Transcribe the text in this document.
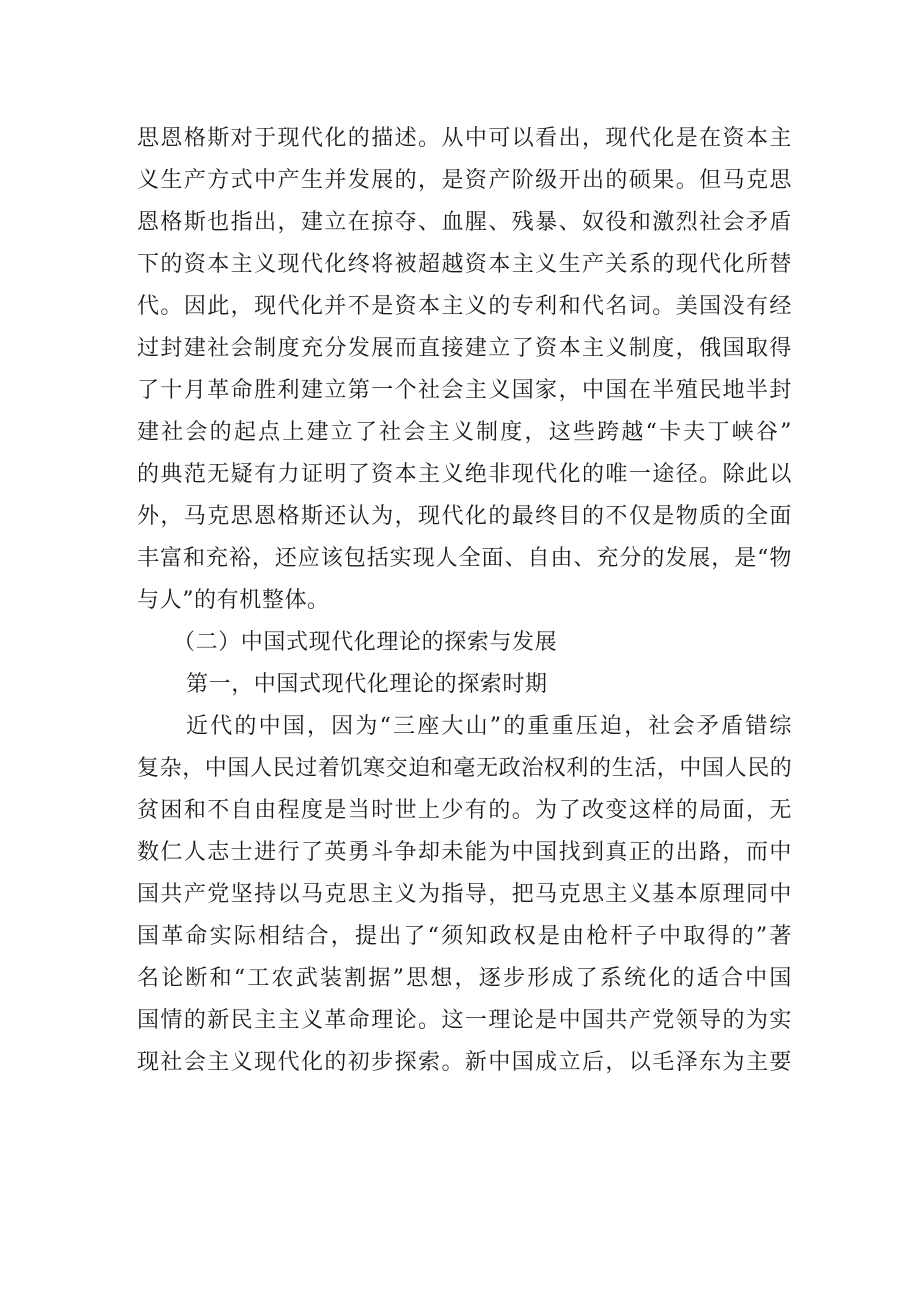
思恩格斯对于现代化的描述。从中可以看出，现代化是在资本主
义生产方式中产生并发展的，是资产阶级开出的硕果。但马克思
恩格斯也指出，建立在掠夺、血腥、残暴、奴役和激烈社会矛盾
下的资本主义现代化终将被超越资本主义生产关系的现代化所替
代。因此，现代化并不是资本主义的专利和代名词。美国没有经
过封建社会制度充分发展而直接建立了资本主义制度，俄国取得
了十月革命胜利建立第一个社会主义国家，中国在半殖民地半封
建社会的起点上建立了社会主义制度，这些跨越“卡夫丁峡谷”
的典范无疑有力证明了资本主义绝非现代化的唯一途径。除此以
外，马克思恩格斯还认为，现代化的最终目的不仅是物质的全面
丰富和充裕，还应该包括实现人全面、自由、充分的发展，是“物
与人”的有机整体。
（二）中国式现代化理论的探索与发展
第一，中国式现代化理论的探索时期
近代的中国，因为“三座大山”的重重压迫，社会矛盾错综
复杂，中国人民过着饥寒交迫和毫无政治权利的生活，中国人民的
贫困和不自由程度是当时世上少有的。为了改变这样的局面，无
数仁人志士进行了英勇斗争却未能为中国找到真正的出路，而中
国共产党坚持以马克思主义为指导，把马克思主义基本原理同中
国革命实际相结合，提出了“须知政权是由枪杆子中取得的”著
名论断和“工农武装割据”思想，逐步形成了系统化的适合中国
国情的新民主主义革命理论。这一理论是中国共产党领导的为实
现社会主义现代化的初步探索。新中国成立后，以毛泽东为主要
